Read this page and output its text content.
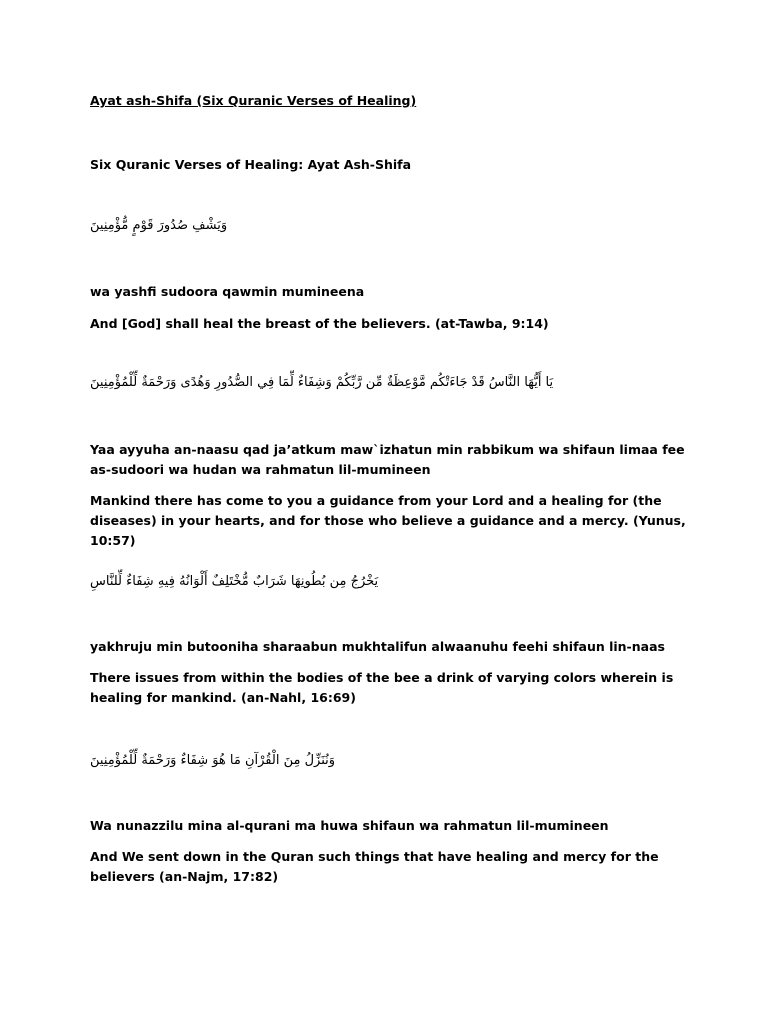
Ayat ash-Shifa (Six Quranic Verses of Healing)
Six Quranic Verses of Healing: Ayat Ash-Shifa
وَيَشْفِ صُدُورَ قَوْمٍ مُّؤْمِنِينَ
wa yashfi sudoora qawmin mumineena
And [God] shall heal the breast of the believers. (at-Tawba, 9:14)
يَا أَيُّهَا النَّاسُ قَدْ جَاءَتْكُم مَّوْعِظَةٌ مِّن رَّبِّكُمْ وَشِفَاءٌ لِّمَا فِي الصُّدُورِ وَهُدًى وَرَحْمَةٌ لِّلْمُؤْمِنِينَ
Yaa ayyuha an-naasu qad ja’atkum maw`izhatun min rabbikum wa shifaun limaa fee as-sudoori wa hudan wa rahmatun lil-mumineen
Mankind there has come to you a guidance from your Lord and a healing for (the diseases) in your hearts, and for those who believe a guidance and a mercy. (Yunus, 10:57)
يَخْرُجُ مِن بُطُونِهَا شَرَابٌ مُّخْتَلِفٌ أَلْوَانُهُ فِيهِ شِفَاءٌ لِّلنَّاسِ
yakhruju min butooniha sharaabun mukhtalifun alwaanuhu feehi shifaun lin-naas
There issues from within the bodies of the bee a drink of varying colors wherein is healing for mankind. (an-Nahl, 16:69)
وَنُنَزِّلُ مِنَ الْقُرْآنِ مَا هُوَ شِفَاءٌ وَرَحْمَةٌ لِّلْمُؤْمِنِينَ
Wa nunazzilu mina al-qurani ma huwa shifaun wa rahmatun lil-mumineen
And We sent down in the Quran such things that have healing and mercy for the believers (an-Najm, 17:82)
